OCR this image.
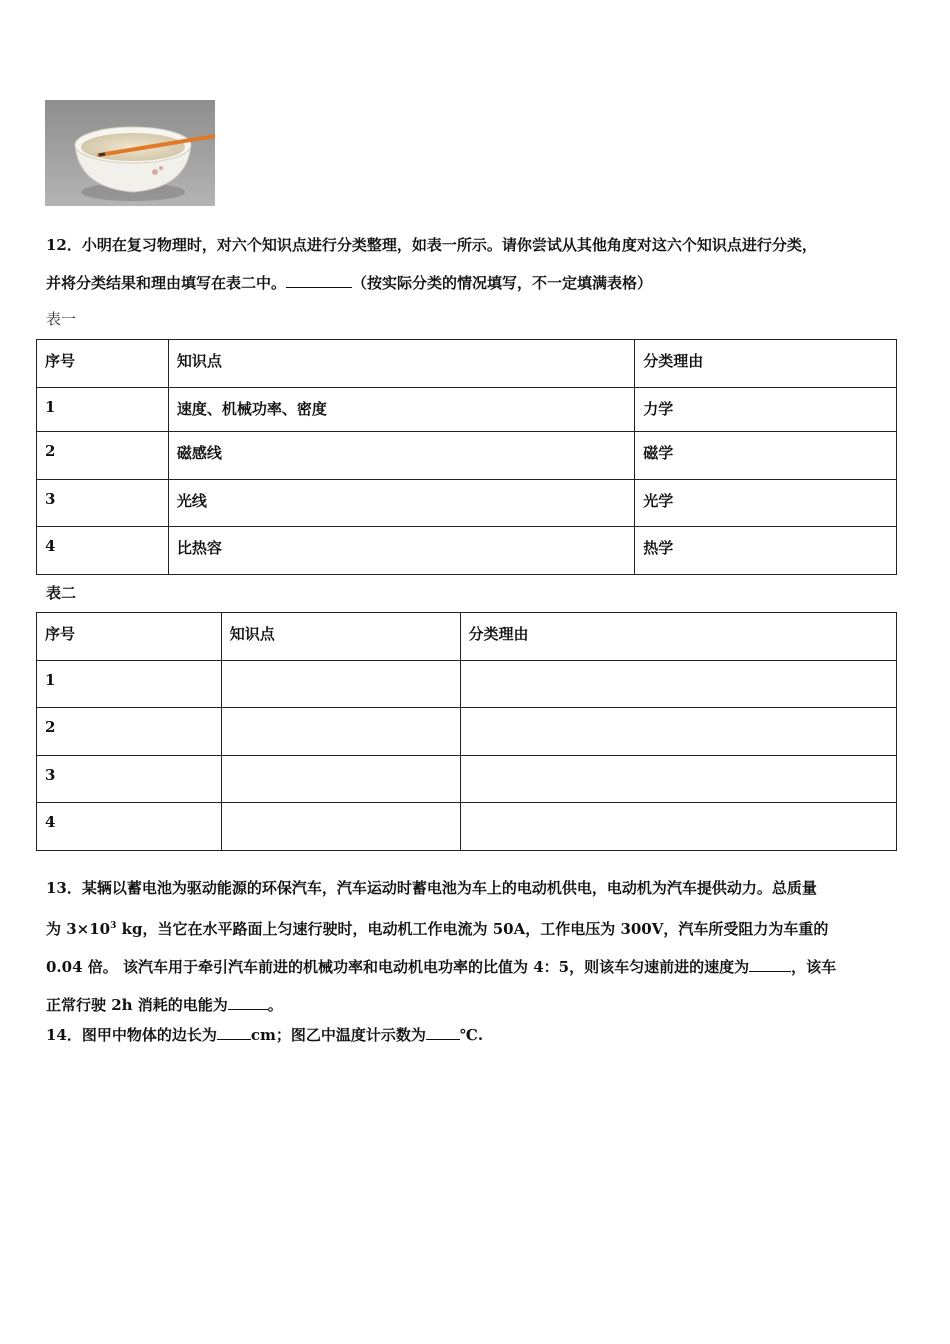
12．小明在复习物理时，对六个知识点进行分类整理，如表一所示。请你尝试从其他角度对这六个知识点进行分类，
并将分类结果和理由填写在表二中。	（按实际分类的情况填写，不一定填满表格）
表一
序号	知识点	分类理由
1	速度、机械功率、密度	力学
2	磁感线	磁学
3	光线	光学
4	比热容	热学
表二
序号	知识点	分类理由
1		
2		
3		
4		
13．某辆以蓄电池为驱动能源的环保汽车，汽车运动时蓄电池为车上的电动机供电，电动机为汽车提供动力。总质量
为 $3\times 10^3$ kg，当它在水平路面上匀速行驶时，电动机工作电流为 50A，工作电压为 300V，汽车所受阻力为车重的
0.04 倍。 该汽车用于牵引汽车前进的机械功率和电动机电功率的比值为 4：5，则该车匀速前进的速度为	，该车
正常行驶 2h 消耗的电能为	。
14．图甲中物体的边长为 cm；图乙中温度计示数为 ℃.
